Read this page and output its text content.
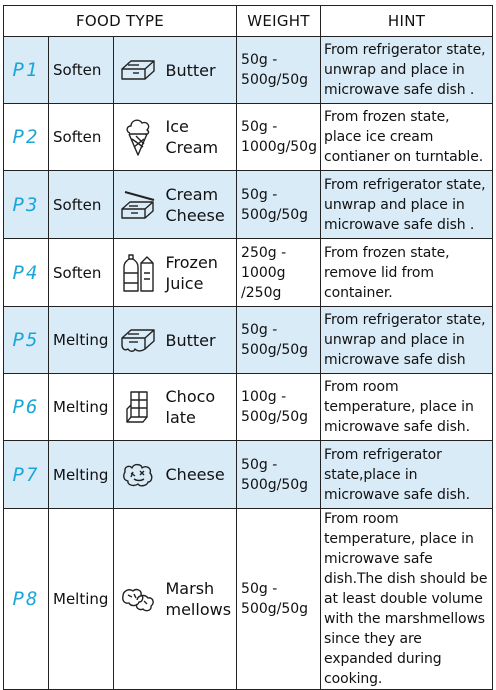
FOOD TYPE				WEIGHT	HINT
P1	Soften		Butter	50g - 500g/50g	From refrigerator state, unwrap and place in microwave safe dish .
P2	Soften		Ice Cream	50g - 1000g/50g	From frozen state, place ice cream contianer on turntable.
P3	Soften		Cream Cheese	50g - 500g/50g	From refrigerator state, unwrap and place in microwave safe dish .
P4	Soften		Frozen Juice	250g - 1000g /250g	From frozen state, remove lid from container.
P5	Melting		Butter	50g - 500g/50g	From refrigerator state, unwrap and place in microwave safe dish
P6	Melting		Choco late	100g - 500g/50g	From room temperature, place in microwave safe dish.
P7	Melting		Cheese	50g - 500g/50g	From refrigerator state,place in microwave safe dish.
P8	Melting		Marsh mellows	50g - 500g/50g	From room temperature, place in microwave safe dish.The dish should be at least double volume with the marshmellows since they are expanded during cooking.
